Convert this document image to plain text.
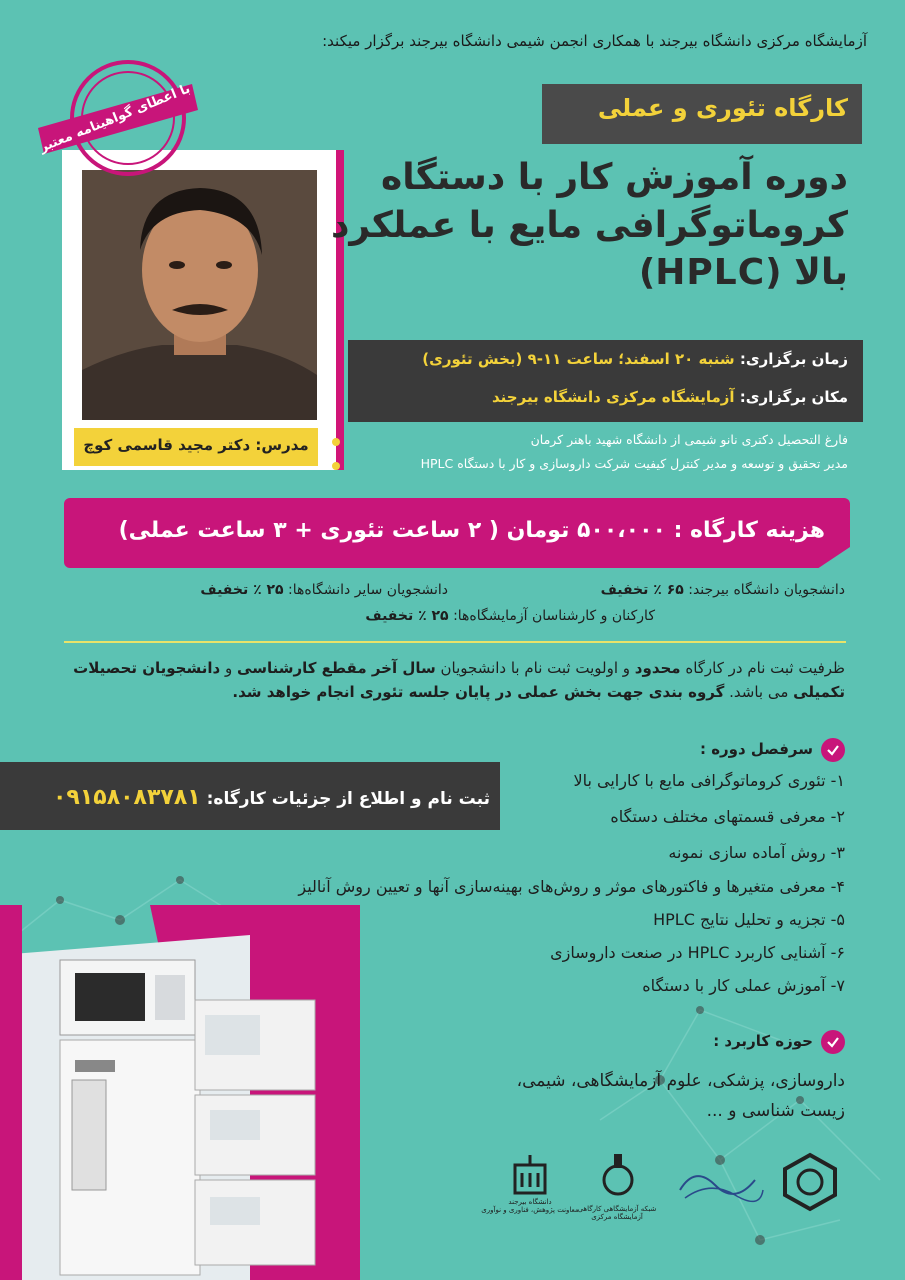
آزمایشگاه مرکزی دانشگاه بیرجند با همکاری انجمن شیمی دانشگاه بیرجند برگزار میکند:
با اعطای گواهینامه معتبر	کارگاه تئوری و عملی
دوره آموزش کار با دستگاه
کروماتوگرافی مایع با عملکرد
بالا (HPLC)
زمان برگزاری: شنبه ۲۰ اسفند؛ ساعت ۱۱-۹ (بخش تئوری)
مکان برگزاری: آزمایشگاه مرکزی دانشگاه بیرجند
مدرس: دکتر مجید قاسمی کوچ	فارغ التحصیل دکتری نانو شیمی از دانشگاه شهید باهنر کرمان
مدیر تحقیق و توسعه و مدیر کنترل کیفیت شرکت داروسازی و کار با دستگاه HPLC
هزینه کارگاه : ۵۰۰،۰۰۰ تومان ( ۲ ساعت تئوری + ۳ ساعت عملی)
دانشجویان دانشگاه بیرجند: ۶۵ ٪ تخفیف
دانشجویان سایر دانشگاه‌ها: ۲۵ ٪ تخفیف
کارکنان و کارشناسان آزمایشگاه‌ها: ۲۵ ٪ تخفیف
ظرفیت ثبت نام در کارگاه محدود و اولویت ثبت نام با دانشجویان سال آخر مقطع کارشناسی و دانشجویان تحصیلات تکمیلی می باشد. گروه بندی جهت بخش عملی در پایان جلسه تئوری انجام خواهد شد.
سرفصل دوره :
ثبت نام و اطلاع از جزئیات کارگاه: ۰۹۱۵۸۰۸۳۷۸۱
۱- تئوری کروماتوگرافی مایع با کارایی بالا
۲- معرفی قسمتهای مختلف دستگاه
۳- روش آماده سازی نمونه
۴- معرفی متغیرها و فاکتورهای موثر و روش‌های بهینه‌سازی آنها و تعیین روش آنالیز
۵- تجزیه و تحلیل نتایج HPLC
۶- آشنایی کاربرد HPLC در صنعت داروسازی
۷- آموزش عملی کار با دستگاه
حوزه کاربرد :
داروسازی، پزشکی، علوم آزمایشگاهی، شیمی،
زیست شناسی و ...
شبکه آزمایشگاهی کارگاهی
آزمایشگاه مرکزی
دانشگاه بیرجند
معاونت پژوهش، فناوری و نوآوری
